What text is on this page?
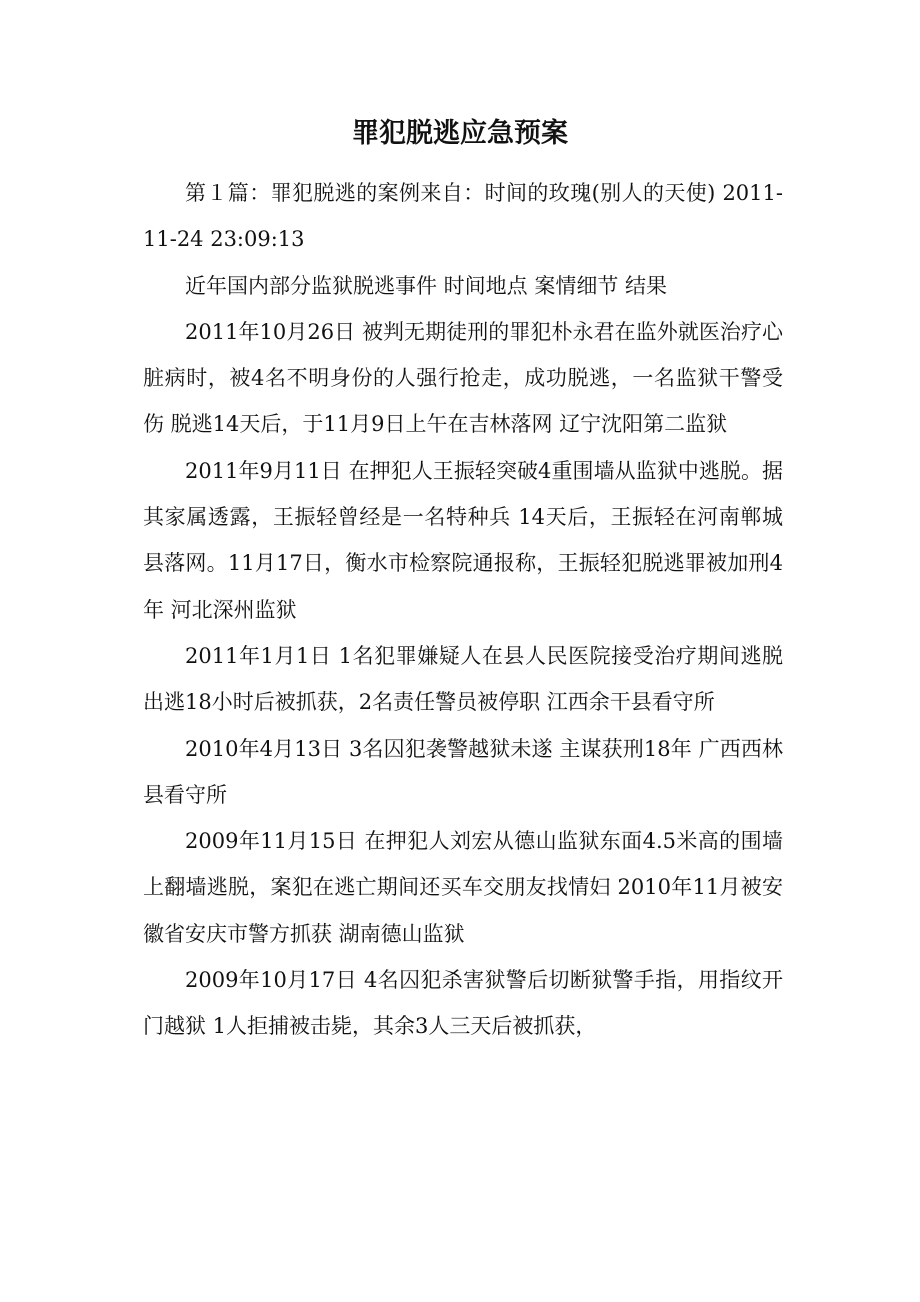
罪犯脱逃应急预案

第１篇：罪犯脱逃的案例来自：时间的玫瑰(别人的天使) 2011-11-24 23:09:13

近年国内部分监狱脱逃事件 时间地点 案情细节 结果

2011年10月26日 被判无期徒刑的罪犯朴永君在监外就医治疗心脏病时，被4名不明身份的人强行抢走，成功脱逃，一名监狱干警受伤 脱逃14天后，于11月9日上午在吉林落网 辽宁沈阳第二监狱

2011年9月11日 在押犯人王振轻突破4重围墙从监狱中逃脱。据其家属透露，王振轻曾经是一名特种兵 14天后，王振轻在河南郸城县落网。11月17日，衡水市检察院通报称，王振轻犯脱逃罪被加刑4年 河北深州监狱

2011年1月1日 1名犯罪嫌疑人在县人民医院接受治疗期间逃脱 出逃18小时后被抓获，2名责任警员被停职 江西余干县看守所

2010年4月13日 3名囚犯袭警越狱未遂 主谋获刑18年 广西西林县看守所

2009年11月15日 在押犯人刘宏从德山监狱东面4.5米高的围墙上翻墙逃脱，案犯在逃亡期间还买车交朋友找情妇 2010年11月被安徽省安庆市警方抓获 湖南德山监狱

2009年10月17日 4名囚犯杀害狱警后切断狱警手指，用指纹开门越狱 1人拒捕被击毙，其余3人三天后被抓获，
